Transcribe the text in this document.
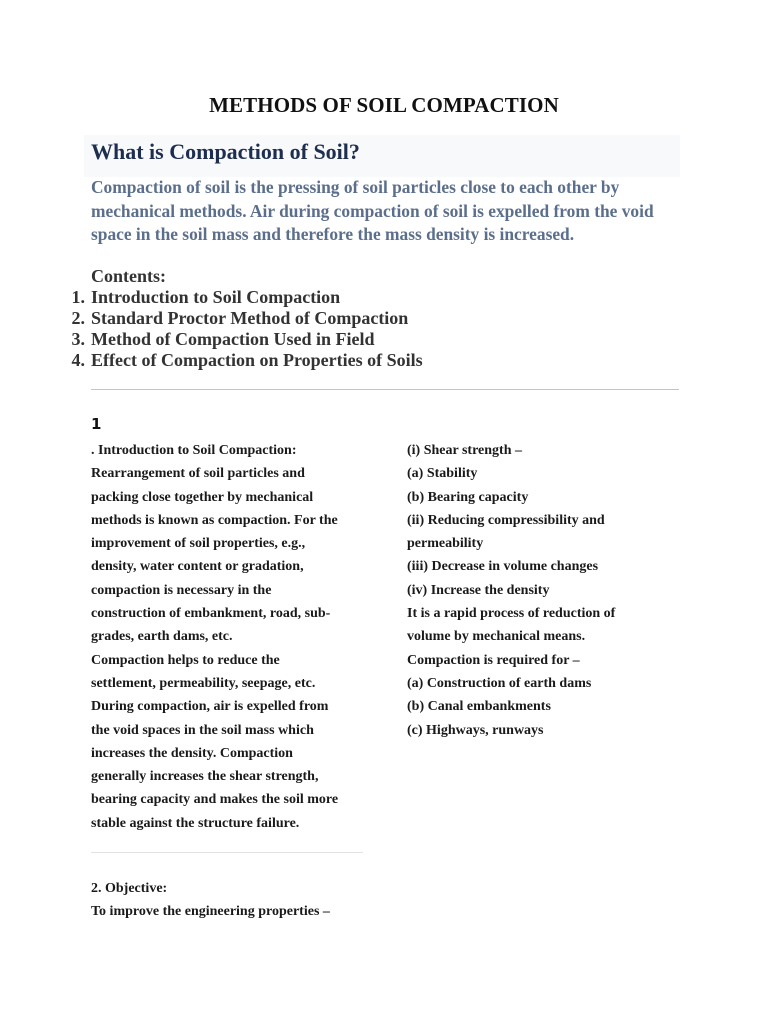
METHODS OF SOIL COMPACTION
What is Compaction of Soil?

Compaction of soil is the pressing of soil particles close to each other by mechanical methods. Air during compaction of soil is expelled from the void space in the soil mass and therefore the mass density is increased.

Contents:
1. Introduction to Soil Compaction
2. Standard Proctor Method of Compaction
3. Method of Compaction Used in Field
4. Effect of Compaction on Properties of Soils
1
. Introduction to Soil Compaction:
Rearrangement of soil particles and
packing close together by mechanical
methods is known as compaction. For the
improvement of soil properties, e.g.,
density, water content or gradation,
compaction is necessary in the
construction of embankment, road, sub-
grades, earth dams, etc.
Compaction helps to reduce the
settlement, permeability, seepage, etc.
During compaction, air is expelled from
the void spaces in the soil mass which
increases the density. Compaction
generally increases the shear strength,
bearing capacity and makes the soil more
stable against the structure failure.
(i) Shear strength –
(a) Stability
(b) Bearing capacity
(ii) Reducing compressibility and
permeability
(iii) Decrease in volume changes
(iv) Increase the density
It is a rapid process of reduction of
volume by mechanical means.
Compaction is required for –
(a) Construction of earth dams
(b) Canal embankments
(c) Highways, runways
2. Objective:
To improve the engineering properties –
